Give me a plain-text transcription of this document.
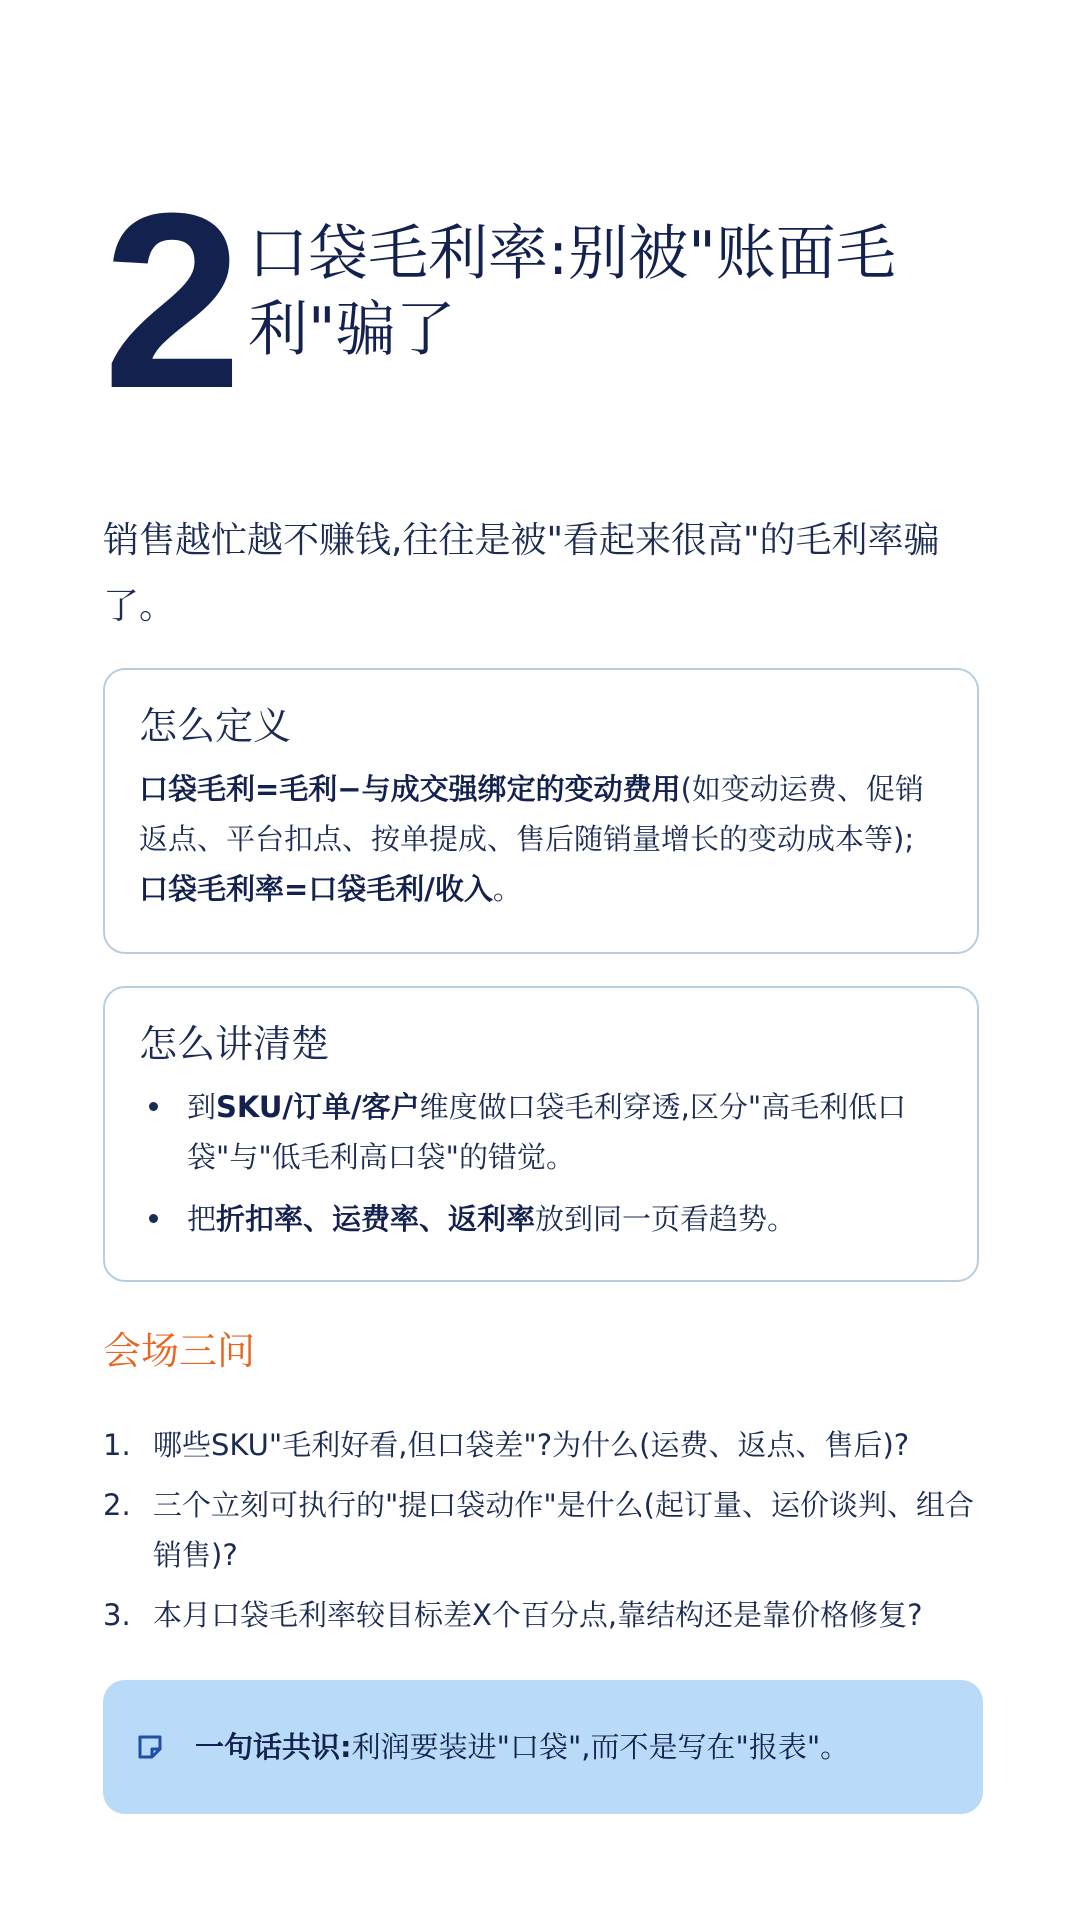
2 口袋毛利率:别被"账面毛利"骗了
销售越忙越不赚钱,往往是被"看起来很高"的毛利率骗了。
怎么定义
口袋毛利=毛利−与成交强绑定的变动费用(如变动运费、促销返点、平台扣点、按单提成、售后随销量增长的变动成本等);口袋毛利率=口袋毛利/收入。
怎么讲清楚
到SKU/订单/客户维度做口袋毛利穿透,区分"高毛利低口袋"与"低毛利高口袋"的错觉。
把折扣率、运费率、返利率放到同一页看趋势。
会场三问
1. 哪些SKU"毛利好看,但口袋差"?为什么(运费、返点、售后)?
2. 三个立刻可执行的"提口袋动作"是什么(起订量、运价谈判、组合销售)?
3. 本月口袋毛利率较目标差X个百分点,靠结构还是靠价格修复?
一句话共识:利润要装进"口袋",而不是写在"报表"。
